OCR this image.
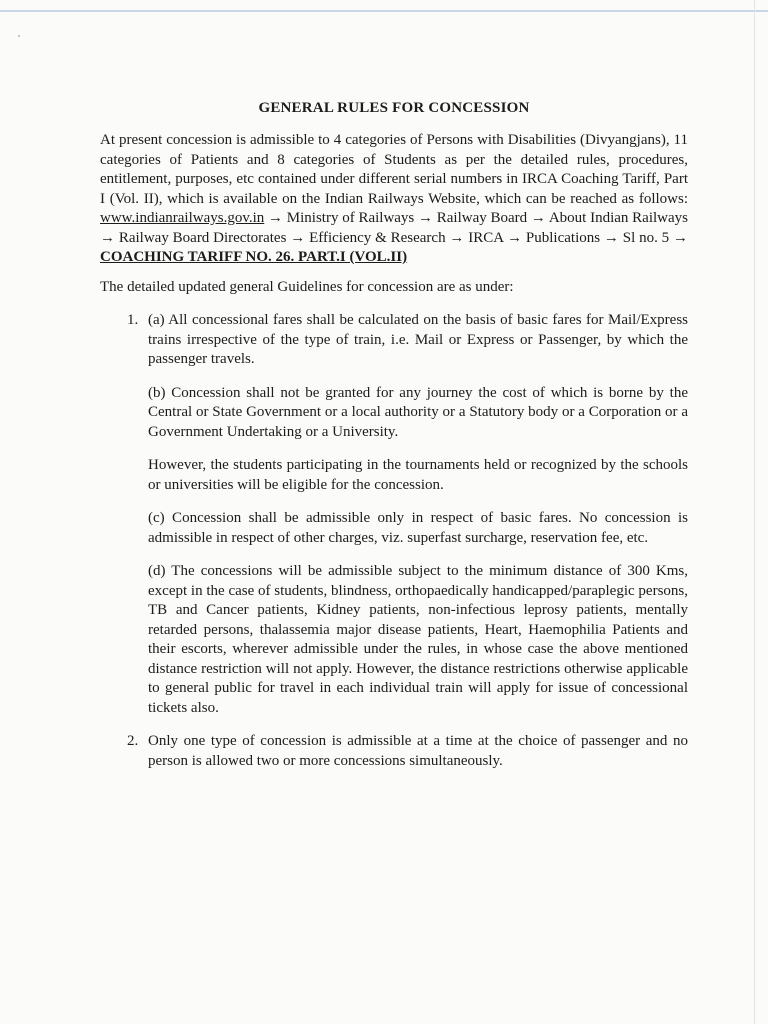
GENERAL RULES FOR CONCESSION

At present concession is admissible to 4 categories of Persons with Disabilities (Divyangjans), 11 categories of Patients and 8 categories of Students as per the detailed rules, procedures, entitlement, purposes, etc contained under different serial numbers in IRCA Coaching Tariff, Part I (Vol. II), which is available on the Indian Railways Website, which can be reached as follows: www.indianrailways.gov.in → Ministry of Railways → Railway Board → About Indian Railways → Railway Board Directorates → Efficiency & Research → IRCA → Publications → Sl no. 5 → COACHING TARIFF NO. 26. PART.I (VOL.II)

The detailed updated general Guidelines for concession are as under:

1. (a) All concessional fares shall be calculated on the basis of basic fares for Mail/Express trains irrespective of the type of train, i.e. Mail or Express or Passenger, by which the passenger travels.

(b) Concession shall not be granted for any journey the cost of which is borne by the Central or State Government or a local authority or a Statutory body or a Corporation or a Government Undertaking or a University.

However, the students participating in the tournaments held or recognized by the schools or universities will be eligible for the concession.

(c) Concession shall be admissible only in respect of basic fares. No concession is admissible in respect of other charges, viz. superfast surcharge, reservation fee, etc.

(d) The concessions will be admissible subject to the minimum distance of 300 Kms, except in the case of students, blindness, orthopaedically handicapped/paraplegic persons, TB and Cancer patients, Kidney patients, non-infectious leprosy patients, mentally retarded persons, thalassemia major disease patients, Heart, Haemophilia Patients and their escorts, wherever admissible under the rules, in whose case the above mentioned distance restriction will not apply. However, the distance restrictions otherwise applicable to general public for travel in each individual train will apply for issue of concessional tickets also.

2. Only one type of concession is admissible at a time at the choice of passenger and no person is allowed two or more concessions simultaneously.
